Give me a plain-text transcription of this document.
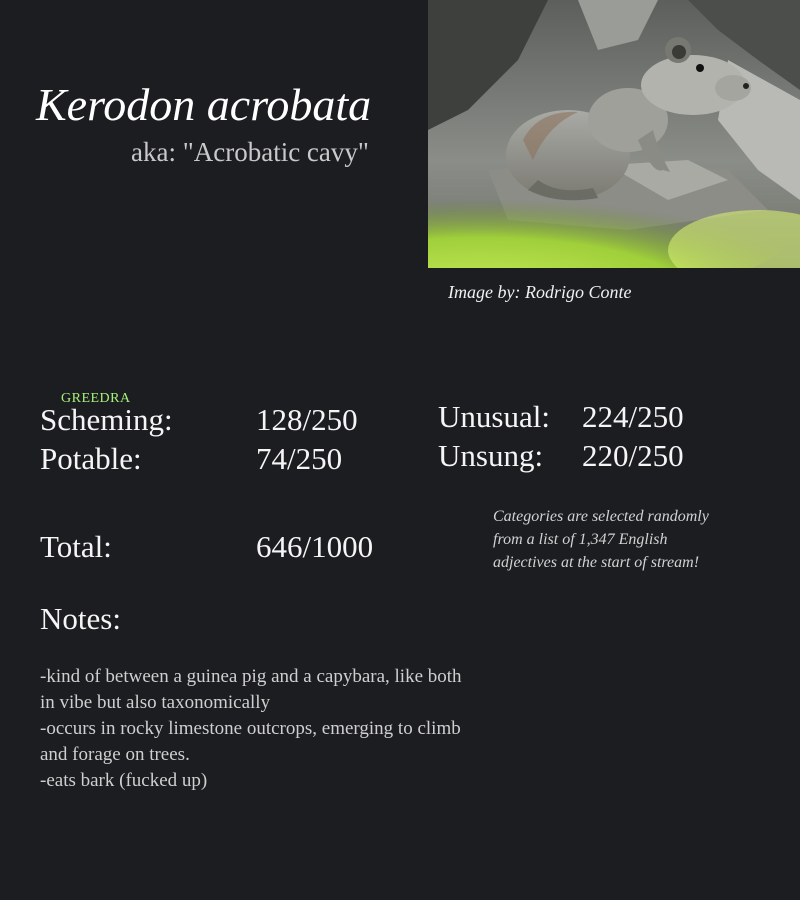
Kerodon acrobata
aka: "Acrobatic cavy"
Image by: Rodrigo Conte
GREEDRA
Scheming:	128/250
Potable:	74/250
Unusual: 224/250
Unsung: 220/250
Total:	646/1000
Categories are selected randomly
from a list of 1,347 English
adjectives at the start of stream!
Notes:
-kind of between a guinea pig and a capybara, like both
in vibe but also taxonomically
-occurs in rocky limestone outcrops, emerging to climb
and forage on trees.
-eats bark (fucked up)
